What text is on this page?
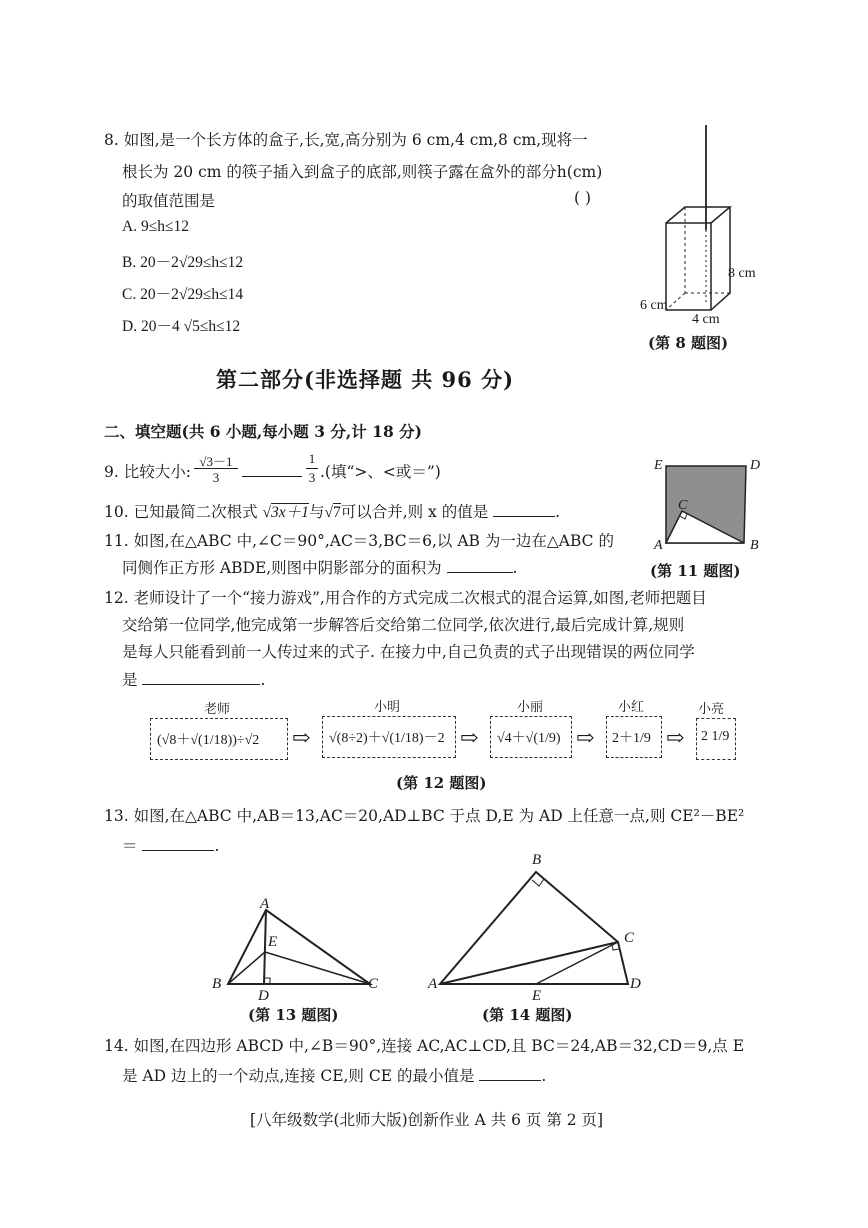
8. 如图,是一个长方体的盒子,长,宽,高分别为 6 cm,4 cm,8 cm,现将一
根长为 20 cm 的筷子插入到盒子的底部,则筷子露在盒外的部分h(cm)
的取值范围是	( )
A. 9≤h≤12
B. 20－2√29≤h≤12
C. 20－2√29≤h≤14
D. 20－4 √5≤h≤12
8 cm
6 cm
4 cm
(第 8 题图)
第二部分(非选择题 共 96 分)
二、填空题(共 6 小题,每小题 3 分,计 18 分)
9. 比较大小:
√3－1
3
1
3 .(填“>、<或＝”)
10. 已知最简二次根式 √3x＋1与√7可以合并,则 x 的值是	.
11. 如图,在△ABC 中,∠C＝90°,AC＝3,BC＝6,以 AB 为一边在△ABC 的
同侧作正方形 ABDE,则图中阴影部分的面积为	.
E	D
C
A	B
(第 11 题图)
12. 老师设计了一个“接力游戏”,用合作的方式完成二次根式的混合运算,如图,老师把题目
交给第一位同学,他完成第一步解答后交给第二位同学,依次进行,最后完成计算,规则
是每人只能看到前一人传过来的式子. 在接力中,自己负责的式子出现错误的两位同学
是	.
老师	小明	小丽	小红	小亮
(√8＋√(1/18))÷√2 ⇨ √(8÷2)＋√(1/18)－2 ⇨ √4＋√(1/9) ⇨ 2＋1/9 ⇨ 2 1/9
(第 12 题图)
13. 如图,在△ABC 中,AB＝13,AC＝20,AD⊥BC 于点 D,E 为 AD 上任意一点,则 CE²－BE²
＝	.
A
E
B
D
C
(第 13 题图)
B
C
A
E
D
(第 14 题图)
14. 如图,在四边形 ABCD 中,∠B＝90°,连接 AC,AC⊥CD,且 BC＝24,AB＝32,CD＝9,点 E
是 AD 边上的一个动点,连接 CE,则 CE 的最小值是	.
[八年级数学(北师大版)创新作业 A 共 6 页 第 2 页]
